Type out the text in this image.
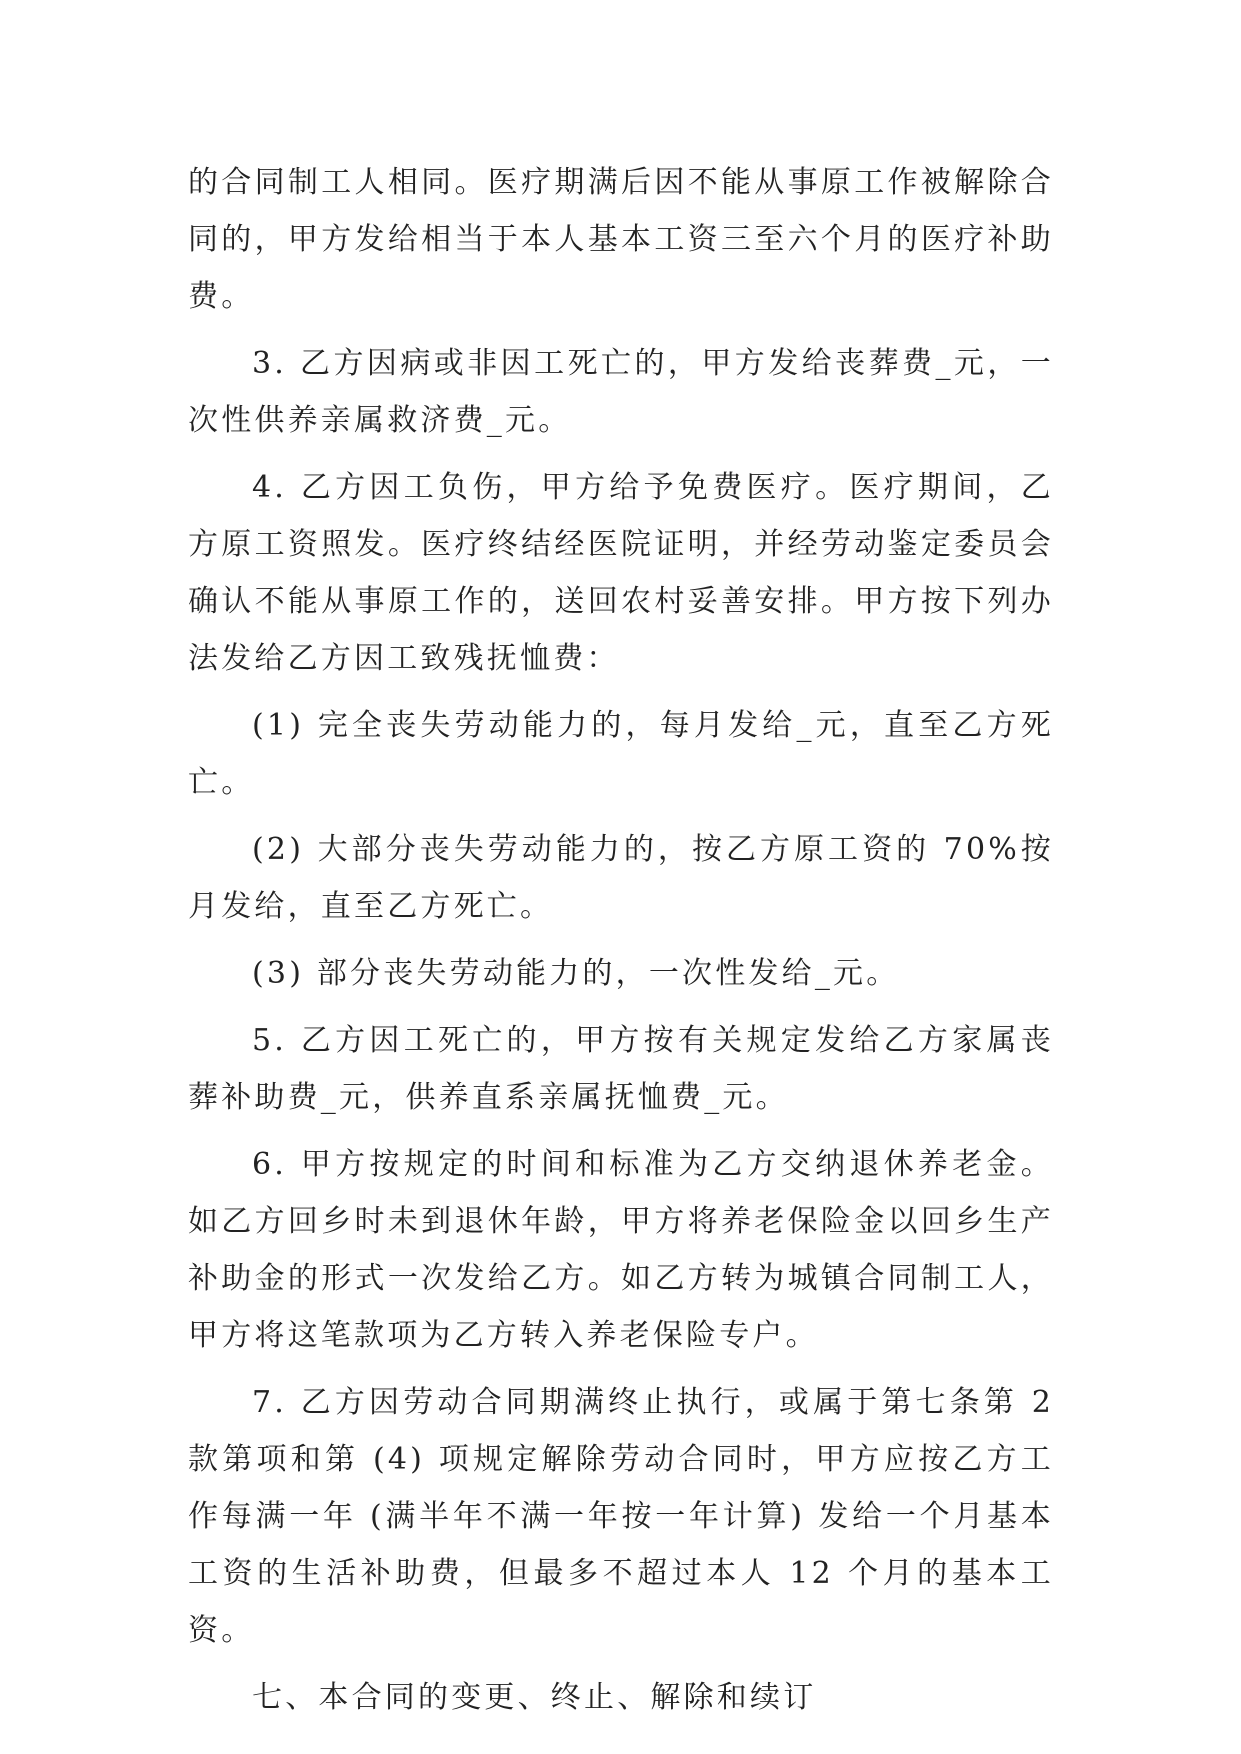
的合同制工人相同。医疗期满后因不能从事原工作被解除合同的，甲方发给相当于本人基本工资三至六个月的医疗补助费。

3. 乙方因病或非因工死亡的，甲方发给丧葬费_元，一次性供养亲属救济费_元。

4. 乙方因工负伤，甲方给予免费医疗。医疗期间，乙方原工资照发。医疗终结经医院证明，并经劳动鉴定委员会确认不能从事原工作的，送回农村妥善安排。甲方按下列办法发给乙方因工致残抚恤费：

(1) 完全丧失劳动能力的，每月发给_元，直至乙方死亡。

(2) 大部分丧失劳动能力的，按乙方原工资的 70%按月发给，直至乙方死亡。

(3) 部分丧失劳动能力的，一次性发给_元。

5. 乙方因工死亡的，甲方按有关规定发给乙方家属丧葬补助费_元，供养直系亲属抚恤费_元。

6. 甲方按规定的时间和标准为乙方交纳退休养老金。如乙方回乡时未到退休年龄，甲方将养老保险金以回乡生产补助金的形式一次发给乙方。如乙方转为城镇合同制工人，甲方将这笔款项为乙方转入养老保险专户。

7. 乙方因劳动合同期满终止执行，或属于第七条第 2 款第项和第 (4) 项规定解除劳动合同时，甲方应按乙方工作每满一年 (满半年不满一年按一年计算) 发给一个月基本工资的生活补助费，但最多不超过本人 12 个月的基本工资。

七、本合同的变更、终止、解除和续订
